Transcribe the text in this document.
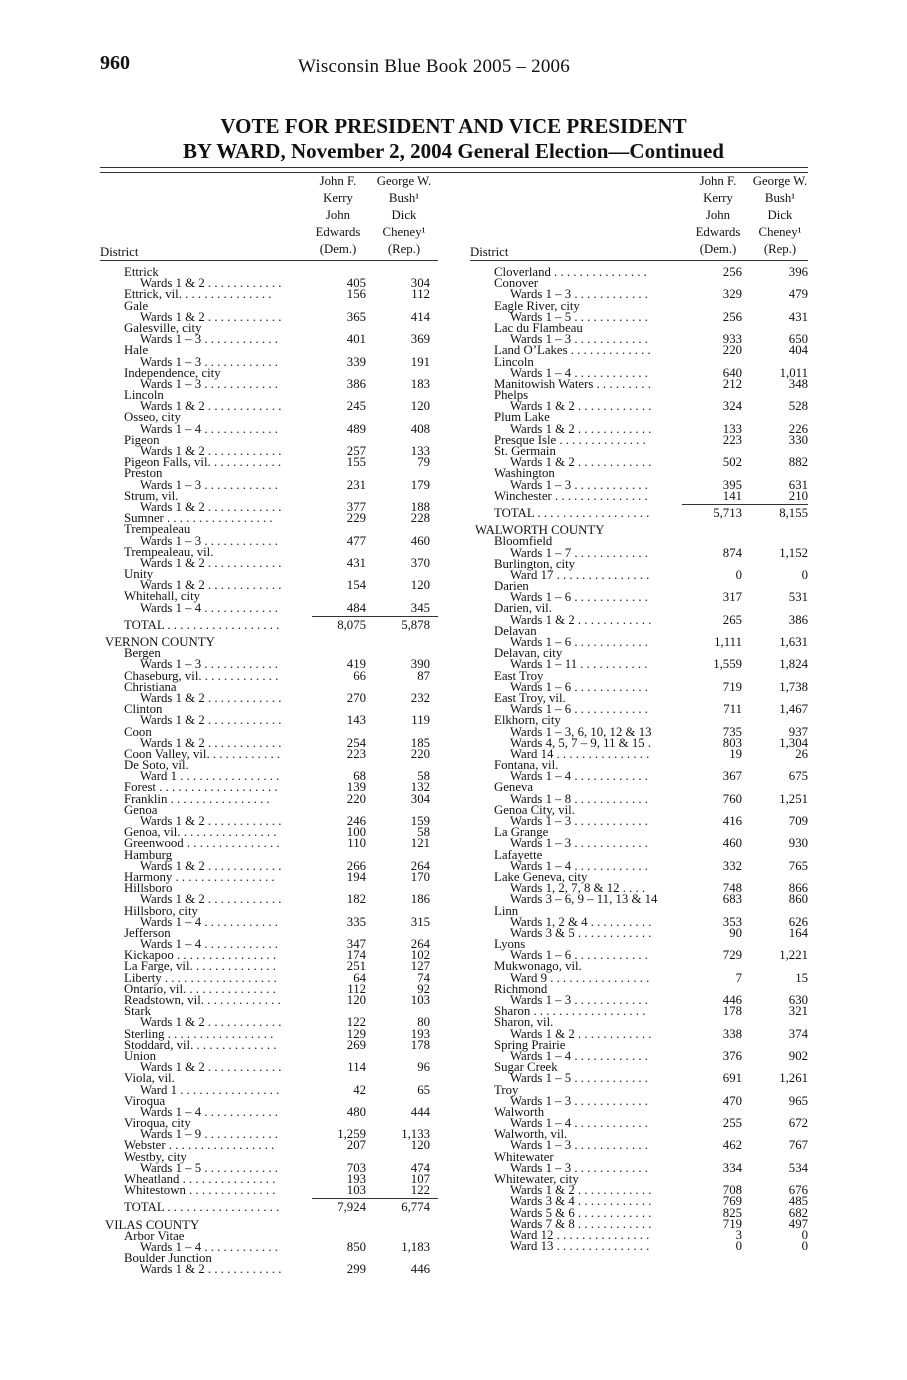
960	Wisconsin Blue Book 2005 – 2006
VOTE FOR PRESIDENT AND VICE PRESIDENT
BY WARD, November 2, 2004 General Election—Continued
District
John F.
Kerry
John
Edwards
(Dem.)
George W.
Bush¹
Dick
Cheney¹
(Rep.)
Ettrick
Wards 1 & 2 . . . . . . . . . . . .	405	304
Ettrick, vil. . . . . . . . . . . . . . .	156	112
Gale
Wards 1 & 2 . . . . . . . . . . . .	365	414
Galesville, city
Wards 1 – 3 . . . . . . . . . . . .	401	369
Hale
Wards 1 – 3 . . . . . . . . . . . .	339	191
Independence, city
Wards 1 – 3 . . . . . . . . . . . .	386	183
Lincoln
Wards 1 & 2 . . . . . . . . . . . .	245	120
Osseo, city
Wards 1 – 4 . . . . . . . . . . . .	489	408
Pigeon
Wards 1 & 2 . . . . . . . . . . . .	257	133
Pigeon Falls, vil. . . . . . . . . . . .	155	79
Preston
Wards 1 – 3 . . . . . . . . . . . .	231	179
Strum, vil.
Wards 1 & 2 . . . . . . . . . . . .	377	188
Sumner . . . . . . . . . . . . . . . . .	229	228
Trempealeau
Wards 1 – 3 . . . . . . . . . . . .	477	460
Trempealeau, vil.
Wards 1 & 2 . . . . . . . . . . . .	431	370
Unity
Wards 1 & 2 . . . . . . . . . . . .	154	120
Whitehall, city
Wards 1 – 4 . . . . . . . . . . . .	484	345
TOTAL . . . . . . . . . . . . . . . . . .	8,075	5,878
VERNON COUNTY
Bergen
Wards 1 – 3 . . . . . . . . . . . .	419	390
Chaseburg, vil. . . . . . . . . . . . .	66	87
Christiana
Wards 1 & 2 . . . . . . . . . . . .	270	232
Clinton
Wards 1 & 2 . . . . . . . . . . . .	143	119
Coon
Wards 1 & 2 . . . . . . . . . . . .	254	185
Coon Valley, vil. . . . . . . . . . . .	223	220
De Soto, vil.
Ward 1 . . . . . . . . . . . . . . . .	68	58
Forest . . . . . . . . . . . . . . . . . . .	139	132
Franklin . . . . . . . . . . . . . . . .	220	304
Genoa
Wards 1 & 2 . . . . . . . . . . . .	246	159
Genoa, vil. . . . . . . . . . . . . . . .	100	58
Greenwood . . . . . . . . . . . . . . .	110	121
Hamburg
Wards 1 & 2 . . . . . . . . . . . .	266	264
Harmony . . . . . . . . . . . . . . . .	194	170
Hillsboro
Wards 1 & 2 . . . . . . . . . . . .	182	186
Hillsboro, city
Wards 1 – 4 . . . . . . . . . . . .	335	315
Jefferson
Wards 1 – 4 . . . . . . . . . . . .	347	264
Kickapoo . . . . . . . . . . . . . . . .	174	102
La Farge, vil. . . . . . . . . . . . . .	251	127
Liberty . . . . . . . . . . . . . . . . . .	64	74
Ontario, vil. . . . . . . . . . . . . . .	112	92
Readstown, vil. . . . . . . . . . . . .	120	103
Stark
Wards 1 & 2 . . . . . . . . . . . .	122	80
Sterling . . . . . . . . . . . . . . . . .	129	193
Stoddard, vil. . . . . . . . . . . . . .	269	178
Union
Wards 1 & 2 . . . . . . . . . . . .	114	96
Viola, vil.
Ward 1 . . . . . . . . . . . . . . . .	42	65
Viroqua
Wards 1 – 4 . . . . . . . . . . . .	480	444
Viroqua, city
Wards 1 – 9 . . . . . . . . . . . .	1,259	1,133
Webster . . . . . . . . . . . . . . . . .	207	120
Westby, city
Wards 1 – 5 . . . . . . . . . . . .	703	474
Wheatland . . . . . . . . . . . . . . .	193	107
Whitestown . . . . . . . . . . . . . .	103	122
TOTAL . . . . . . . . . . . . . . . . . .	7,924	6,774
VILAS COUNTY
Arbor Vitae
Wards 1 – 4 . . . . . . . . . . . .	850	1,183
Boulder Junction
Wards 1 & 2 . . . . . . . . . . . .	299	446
District
John F.
Kerry
John
Edwards
(Dem.)
George W.
Bush¹
Dick
Cheney¹
(Rep.)
Cloverland . . . . . . . . . . . . . . .	256	396
Conover
Wards 1 – 3 . . . . . . . . . . . .	329	479
Eagle River, city
Wards 1 – 5 . . . . . . . . . . . .	256	431
Lac du Flambeau
Wards 1 – 3 . . . . . . . . . . . .	933	650
Land O’Lakes . . . . . . . . . . . . .	220	404
Lincoln
Wards 1 – 4 . . . . . . . . . . . .	640	1,011
Manitowish Waters . . . . . . . . .	212	348
Phelps
Wards 1 & 2 . . . . . . . . . . . .	324	528
Plum Lake
Wards 1 & 2 . . . . . . . . . . . .	133	226
Presque Isle . . . . . . . . . . . . . .	223	330
St. Germain
Wards 1 & 2 . . . . . . . . . . . .	502	882
Washington
Wards 1 – 3 . . . . . . . . . . . .	395	631
Winchester . . . . . . . . . . . . . . .	141	210
TOTAL . . . . . . . . . . . . . . . . . .	5,713	8,155
WALWORTH COUNTY
Bloomfield
Wards 1 – 7 . . . . . . . . . . . .	874	1,152
Burlington, city
Ward 17 . . . . . . . . . . . . . . .	0	0
Darien
Wards 1 – 6 . . . . . . . . . . . .	317	531
Darien, vil.
Wards 1 & 2 . . . . . . . . . . . .	265	386
Delavan
Wards 1 – 6 . . . . . . . . . . . .	1,111	1,631
Delavan, city
Wards 1 – 11 . . . . . . . . . . .	1,559	1,824
East Troy
Wards 1 – 6 . . . . . . . . . . . .	719	1,738
East Troy, vil.
Wards 1 – 6 . . . . . . . . . . . .	711	1,467
Elkhorn, city
Wards 1 – 3, 6, 10, 12 & 13	735	937
Wards 4, 5, 7 – 9, 11 & 15 .	803	1,304
Ward 14 . . . . . . . . . . . . . . .	19	26
Fontana, vil.
Wards 1 – 4 . . . . . . . . . . . .	367	675
Geneva
Wards 1 – 8 . . . . . . . . . . . .	760	1,251
Genoa City, vil.
Wards 1 – 3 . . . . . . . . . . . .	416	709
La Grange
Wards 1 – 3 . . . . . . . . . . . .	460	930
Lafayette
Wards 1 – 4 . . . . . . . . . . . .	332	765
Lake Geneva, city
Wards 1, 2, 7, 8 & 12 . . . .	748	866
Wards 3 – 6, 9 – 11, 13 & 14	683	860
Linn
Wards 1, 2 & 4 . . . . . . . . . .	353	626
Wards 3 & 5 . . . . . . . . . . . .	90	164
Lyons
Wards 1 – 6 . . . . . . . . . . . .	729	1,221
Mukwonago, vil.
Ward 9 . . . . . . . . . . . . . . . .	7	15
Richmond
Wards 1 – 3 . . . . . . . . . . . .	446	630
Sharon . . . . . . . . . . . . . . . . . .	178	321
Sharon, vil.
Wards 1 & 2 . . . . . . . . . . . .	338	374
Spring Prairie
Wards 1 – 4 . . . . . . . . . . . .	376	902
Sugar Creek
Wards 1 – 5 . . . . . . . . . . . .	691	1,261
Troy
Wards 1 – 3 . . . . . . . . . . . .	470	965
Walworth
Wards 1 – 4 . . . . . . . . . . . .	255	672
Walworth, vil.
Wards 1 – 3 . . . . . . . . . . . .	462	767
Whitewater
Wards 1 – 3 . . . . . . . . . . . .	334	534
Whitewater, city
Wards 1 & 2 . . . . . . . . . . . .	708	676
Wards 3 & 4 . . . . . . . . . . . .	769	485
Wards 5 & 6 . . . . . . . . . . . .	825	682
Wards 7 & 8 . . . . . . . . . . . .	719	497
Ward 12 . . . . . . . . . . . . . . .	3	0
Ward 13 . . . . . . . . . . . . . . .	0	0
